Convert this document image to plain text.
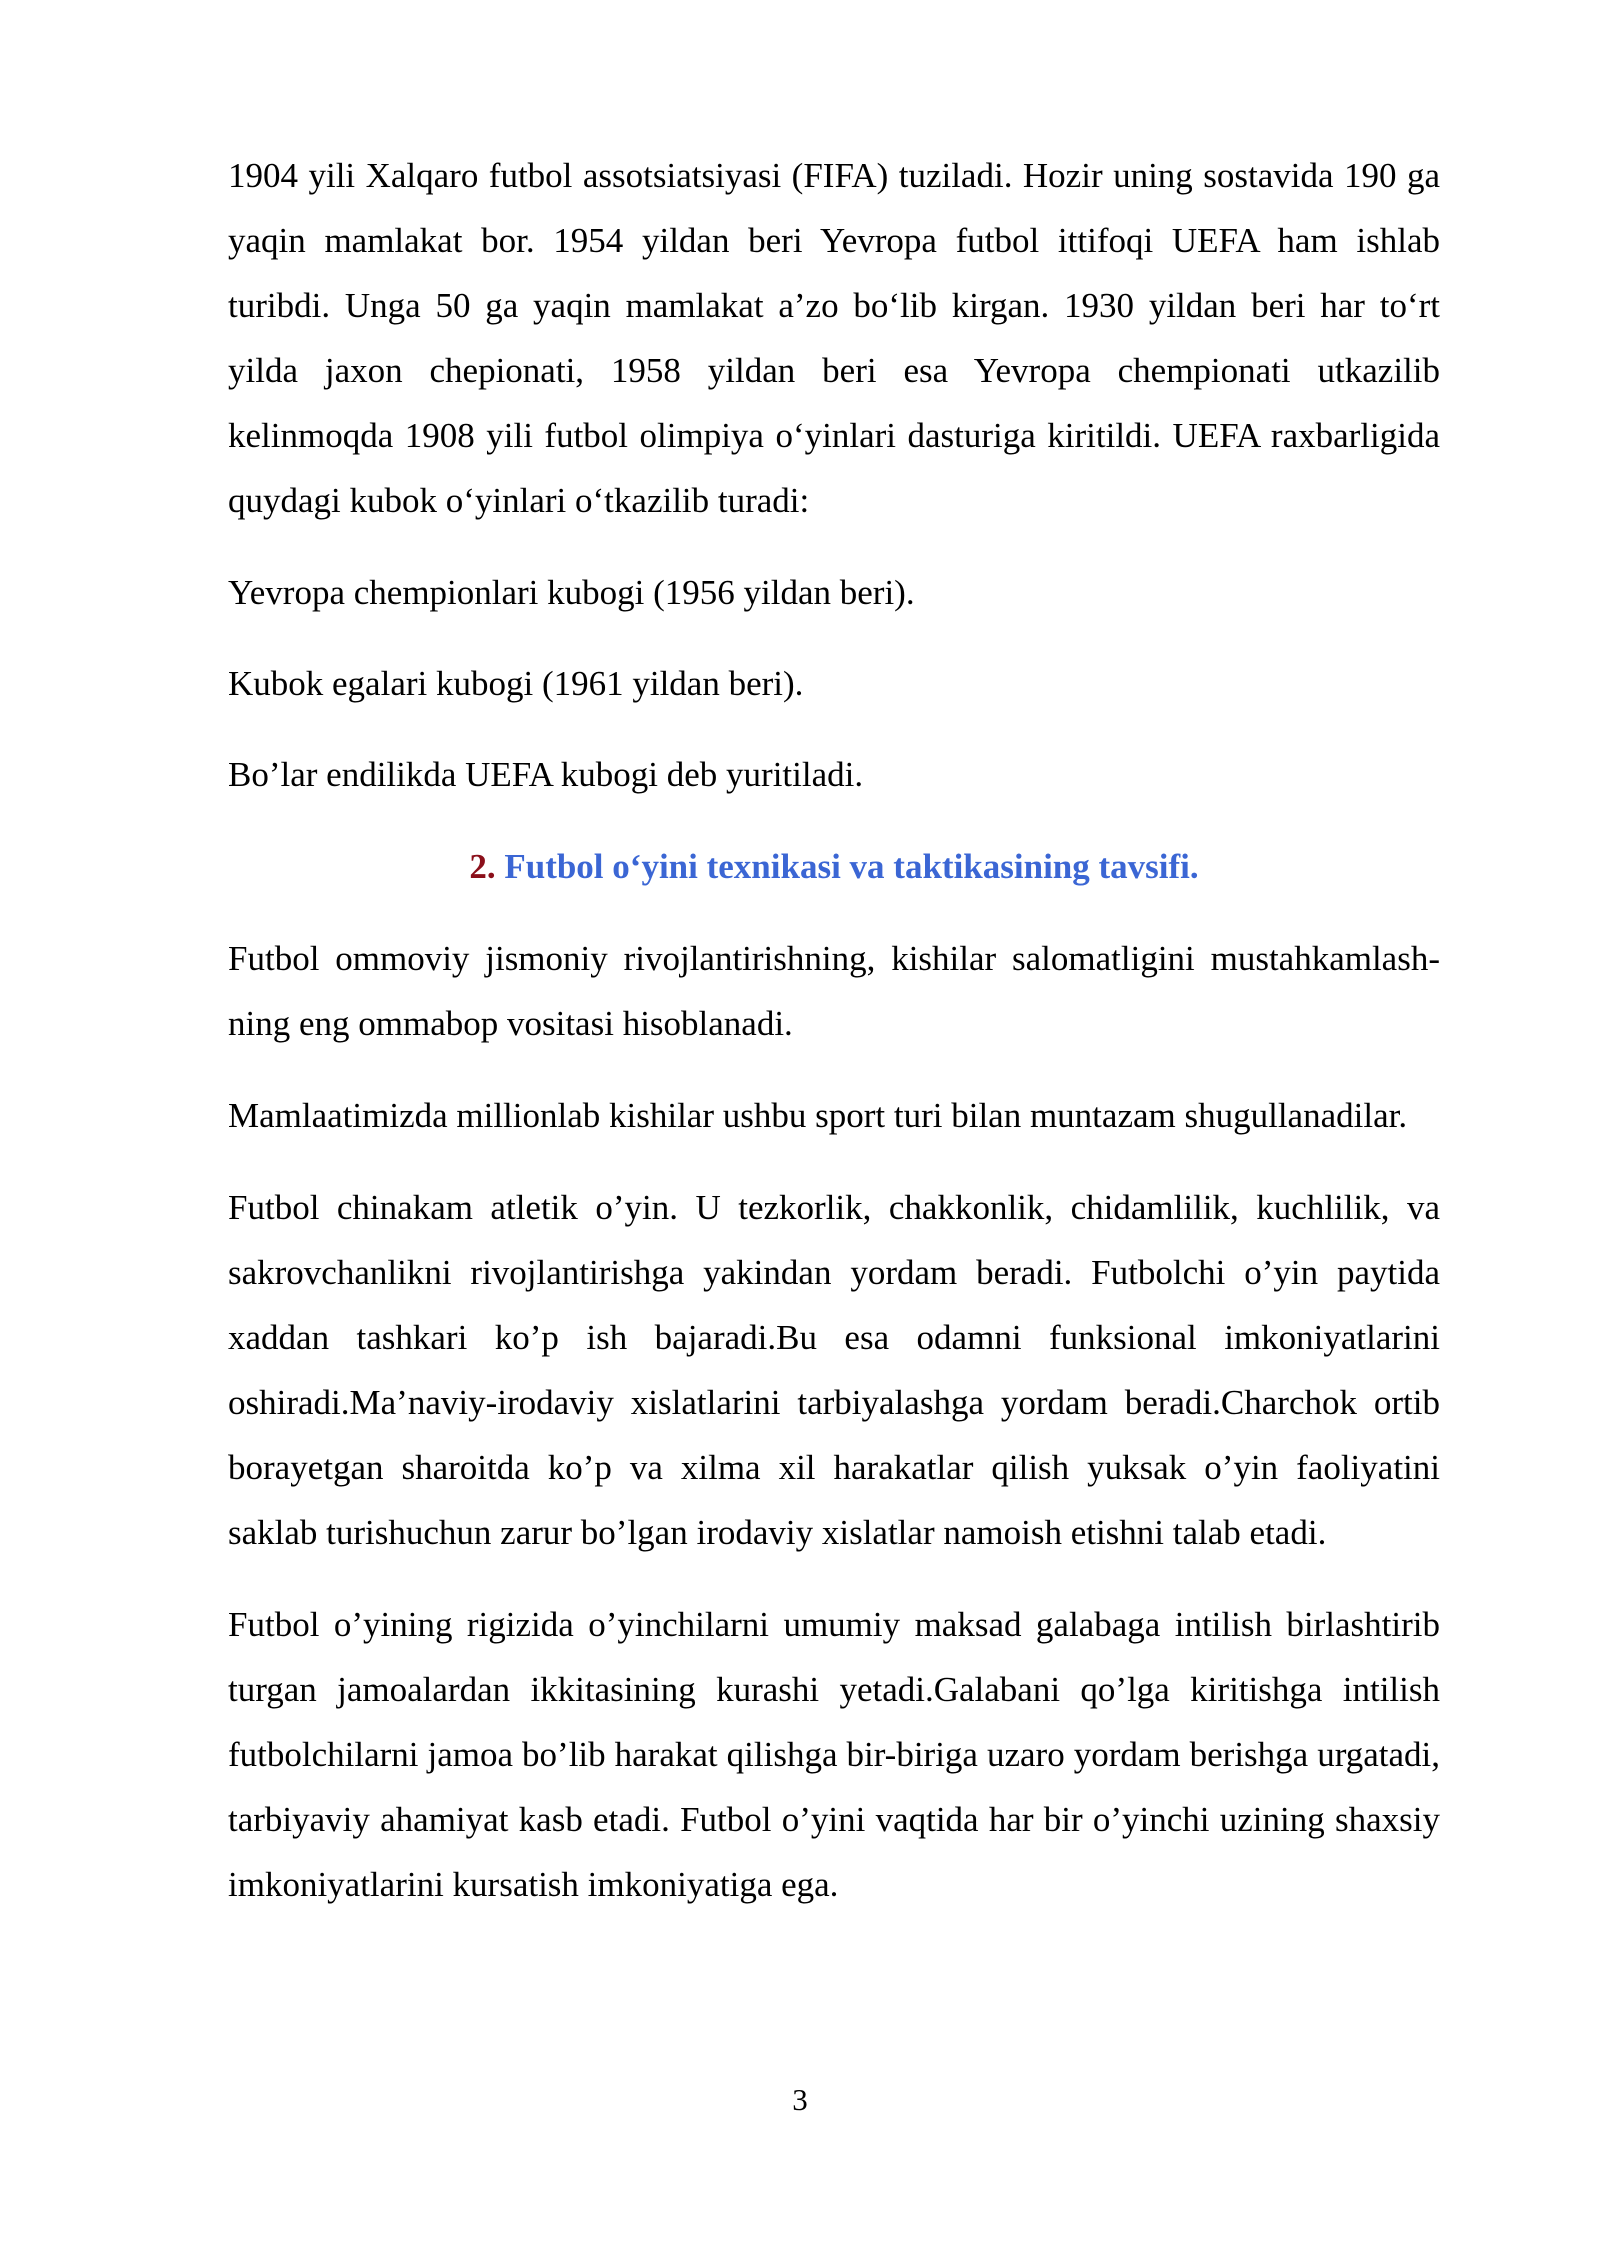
1904 yili Xalqaro futbol assotsiatsiyasi (FIFA) tuziladi. Hozir uning sostavida 190 ga yaqin mamlakat bor. 1954 yildan beri Yevropa futbol ittifoqi UEFA ham ishlab turibdi. Unga 50 ga yaqin mamlakat a’zo bo‘lib kirgan. 1930 yildan beri har to‘rt yilda jaxon chepionati, 1958 yildan beri esa Yevropa chempionati utkazilib kelinmoqda 1908 yili futbol olimpiya o‘yinlari dasturiga kiritildi. UEFA raxbarligida quydagi kubok o‘yinlari o‘tkazilib turadi:

Yevropa chempionlari kubogi (1956 yildan beri).

Kubok egalari kubogi (1961 yildan beri).

Bo’lar endilikda UEFA kubogi deb yuritiladi.

2. Futbol o‘yini texnikasi va taktikasining tavsifi.

Futbol ommoviy jismoniy rivojlantirishning, kishilar salomatligini mustahkamlash-ning eng ommabop vositasi hisoblanadi.

Mamlaatimizda millionlab kishilar ushbu sport turi bilan muntazam shugullanadilar.

Futbol chinakam atletik o’yin. U tezkorlik, chakkonlik, chidamlilik, kuchlilik, va sakrovchanlikni rivojlantirishga yakindan yordam beradi. Futbolchi o’yin paytida xaddan tashkari ko’p ish bajaradi.Bu esa odamni funksional imkoniyatlarini oshiradi.Ma’naviy-irodaviy xislatlarini tarbiyalashga yordam beradi.Charchok ortib borayetgan sharoitda ko’p va xilma xil harakatlar qilish yuksak o’yin faoliyatini saklab turishuchun zarur bo’lgan irodaviy xislatlar namoish etishni talab etadi.

Futbol o’yining rigizida o’yinchilarni umumiy maksad galabaga intilish birlashtirib turgan jamoalardan ikkitasining kurashi yetadi.Galabani qo’lga kiritishga intilish futbolchilarni jamoa bo’lib harakat qilishga bir-biriga uzaro yordam berishga urgatadi, tarbiyaviy ahamiyat kasb etadi. Futbol o’yini vaqtida har bir o’yinchi uzining shaxsiy imkoniyatlarini kursatish imkoniyatiga ega.

3
